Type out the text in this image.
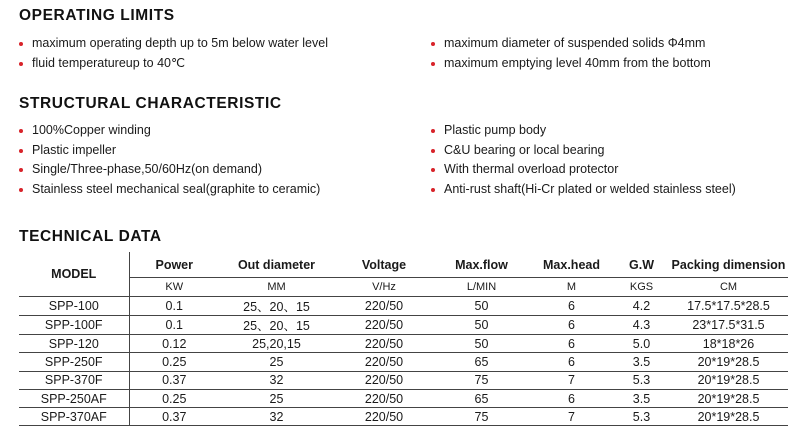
OPERATING LIMITS
maximum operating depth up to 5m below water level
fluid temperatureup to 40℃
maximum diameter of suspended solids Φ4mm
maximum emptying level 40mm from the bottom
STRUCTURAL CHARACTERISTIC
100%Copper winding
Plastic impeller
Single/Three-phase,50/60Hz(on demand)
Stainless steel mechanical seal(graphite to ceramic)
Plastic pump body
C&U bearing or local bearing
With thermal overload protector
Anti-rust shaft(Hi-Cr plated or welded stainless steel)
TECHNICAL DATA
MODEL	Power	Out diameter	Voltage	Max.flow	Max.head	G.W	Packing dimension
	KW	MM	V/Hz	L/MIN	M	KGS	CM
SPP-100	0.1	25、20、15	220/50	50	6	4.2	17.5*17.5*28.5
SPP-100F	0.1	25、20、15	220/50	50	6	4.3	23*17.5*31.5
SPP-120	0.12	25,20,15	220/50	50	6	5.0	18*18*26
SPP-250F	0.25	25	220/50	65	6	3.5	20*19*28.5
SPP-370F	0.37	32	220/50	75	7	5.3	20*19*28.5
SPP-250AF	0.25	25	220/50	65	6	3.5	20*19*28.5
SPP-370AF	0.37	32	220/50	75	7	5.3	20*19*28.5
